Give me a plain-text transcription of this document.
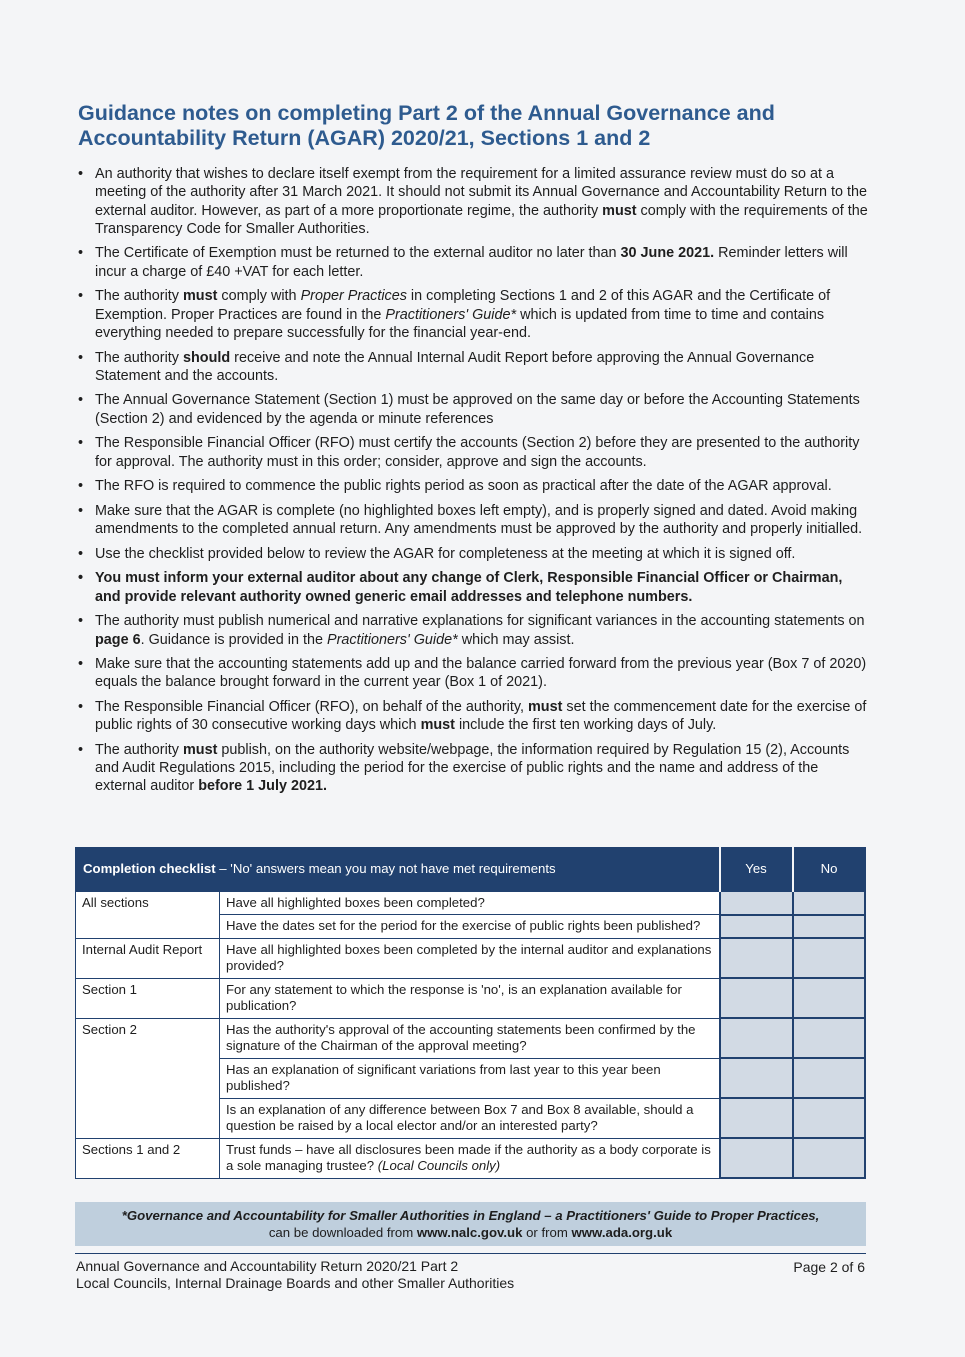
Guidance notes on completing Part 2 of the Annual Governance and
Accountability Return (AGAR) 2020/21, Sections 1 and 2
• An authority that wishes to declare itself exempt from the requirement for a limited assurance review must do so at a meeting of the authority after 31 March 2021. It should not submit its Annual Governance and Accountability Return to the external auditor. However, as part of a more proportionate regime, the authority must comply with the requirements of the Transparency Code for Smaller Authorities.
• The Certificate of Exemption must be returned to the external auditor no later than 30 June 2021. Reminder letters will incur a charge of £40 +VAT for each letter.
• The authority must comply with Proper Practices in completing Sections 1 and 2 of this AGAR and the Certificate of Exemption. Proper Practices are found in the Practitioners' Guide* which is updated from time to time and contains everything needed to prepare successfully for the financial year-end.
• The authority should receive and note the Annual Internal Audit Report before approving the Annual Governance Statement and the accounts.
• The Annual Governance Statement (Section 1) must be approved on the same day or before the Accounting Statements (Section 2) and evidenced by the agenda or minute references
• The Responsible Financial Officer (RFO) must certify the accounts (Section 2) before they are presented to the authority for approval. The authority must in this order; consider, approve and sign the accounts.
• The RFO is required to commence the public rights period as soon as practical after the date of the AGAR approval.
• Make sure that the AGAR is complete (no highlighted boxes left empty), and is properly signed and dated. Avoid making amendments to the completed annual return. Any amendments must be approved by the authority and properly initialled.
• Use the checklist provided below to review the AGAR for completeness at the meeting at which it is signed off.
• You must inform your external auditor about any change of Clerk, Responsible Financial Officer or Chairman, and provide relevant authority owned generic email addresses and telephone numbers.
• The authority must publish numerical and narrative explanations for significant variances in the accounting statements on page 6. Guidance is provided in the Practitioners' Guide* which may assist.
• Make sure that the accounting statements add up and the balance carried forward from the previous year (Box 7 of 2020) equals the balance brought forward in the current year (Box 1 of 2021).
• The Responsible Financial Officer (RFO), on behalf of the authority, must set the commencement date for the exercise of public rights of 30 consecutive working days which must include the first ten working days of July.
• The authority must publish, on the authority website/webpage, the information required by Regulation 15 (2), Accounts and Audit Regulations 2015, including the period for the exercise of public rights and the name and address of the external auditor before 1 July 2021.
Completion checklist – 'No' answers mean you may not have met requirements		Yes	No
All sections	Have all highlighted boxes been completed?		
	Have the dates set for the period for the exercise of public rights been published?		
Internal Audit Report	Have all highlighted boxes been completed by the internal auditor and explanations provided?		
Section 1	For any statement to which the response is 'no', is an explanation available for publication?		
Section 2	Has the authority's approval of the accounting statements been confirmed by the signature of the Chairman of the approval meeting?		
	Has an explanation of significant variations from last year to this year been published?		
	Is an explanation of any difference between Box 7 and Box 8 available, should a question be raised by a local elector and/or an interested party?		
Sections 1 and 2	Trust funds – have all disclosures been made if the authority as a body corporate is a sole managing trustee? (Local Councils only)		
*Governance and Accountability for Smaller Authorities in England – a Practitioners' Guide to Proper Practices,
can be downloaded from www.nalc.gov.uk or from www.ada.org.uk
Annual Governance and Accountability Return 2020/21 Part 2
Local Councils, Internal Drainage Boards and other Smaller Authorities
Page 2 of 6
